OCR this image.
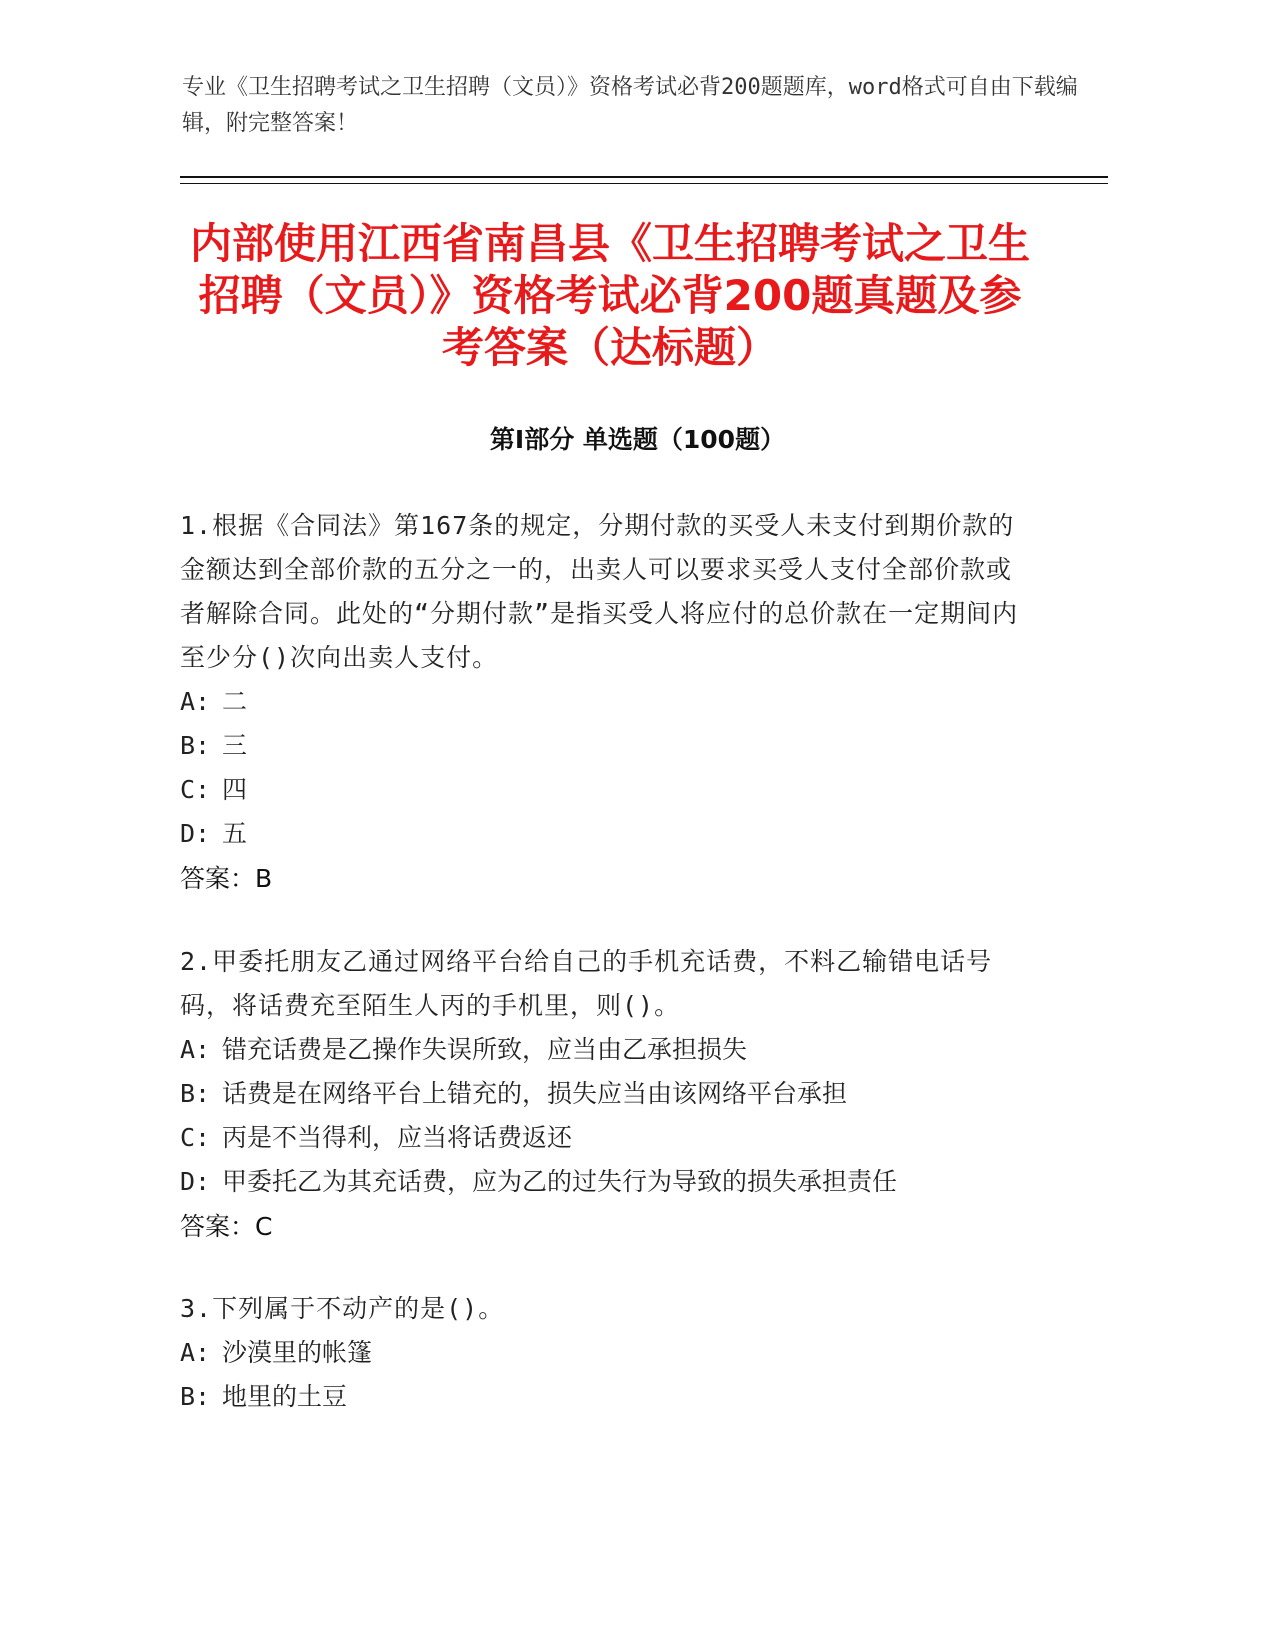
专业《卫生招聘考试之卫生招聘（文员）》资格考试必背200题题库，word格式可自由下载编辑，附完整答案！
内部使用江西省南昌县《卫生招聘考试之卫生招聘（文员）》资格考试必背200题真题及参考答案（达标题）
第I部分 单选题（100题）
1.根据《合同法》第167条的规定，分期付款的买受人未支付到期价款的金额达到全部价款的五分之一的，出卖人可以要求买受人支付全部价款或者解除合同。此处的“分期付款”是指买受人将应付的总价款在一定期间内至少分()次向出卖人支付。
A: 二
B: 三
C: 四
D: 五
答案：B
2.甲委托朋友乙通过网络平台给自己的手机充话费，不料乙输错电话号码，将话费充至陌生人丙的手机里，则()。
A: 错充话费是乙操作失误所致，应当由乙承担损失
B: 话费是在网络平台上错充的，损失应当由该网络平台承担
C: 丙是不当得利，应当将话费返还
D: 甲委托乙为其充话费，应为乙的过失行为导致的损失承担责任
答案：C
3.下列属于不动产的是()。
A: 沙漠里的帐篷
B: 地里的土豆
